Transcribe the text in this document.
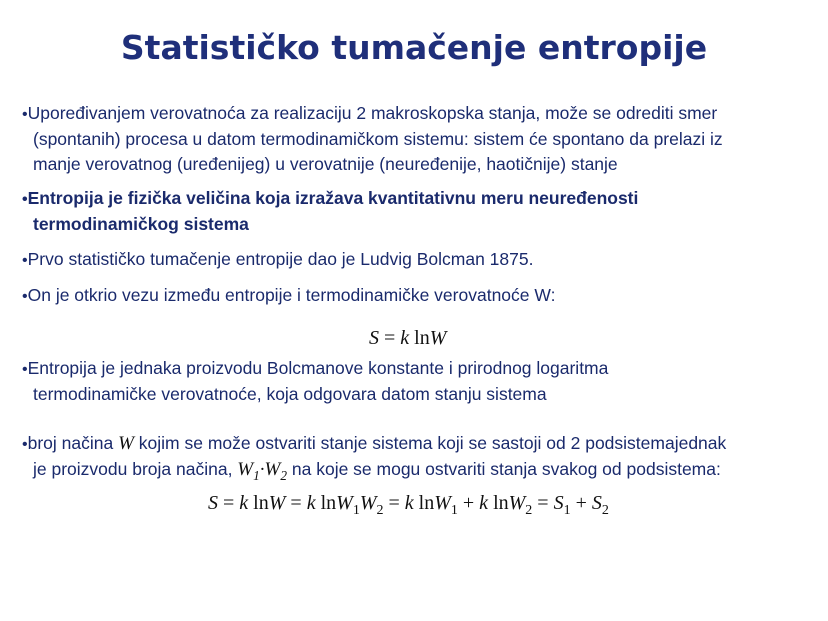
Statističko tumačenje entropije
•Upoređivanjem verovatnoća za realizaciju 2 makroskopska stanja, može se odrediti smer
(spontanih) procesa u datom termodinamičkom sistemu: sistem će spontano da prelazi iz
manje verovatnog (uređenijeg) u verovatnije (neuređenije, haotičnije) stanje
•Entropija je fizička veličina koja izražava kvantitativnu meru neuređenosti
termodinamičkog sistema
•Prvo statističko tumačenje entropije dao je Ludvig Bolcman 1875.
•On je otkrio vezu između entropije i termodinamičke verovatnoće W:
S = k lnW
•Entropija je jednaka proizvodu Bolcmanove konstante i prirodnog logaritma
termodinamičke verovatnoće, koja odgovara datom stanju sistema
•broj načina W kojim se može ostvariti stanje sistema koji se sastoji od 2 podsistemajednak
je proizvodu broja načina, $W_1\cdot W_2$ na koje se mogu ostvariti stanja svakog od podsistema:
S = k lnW = k $\ln W_1W_2 = k$ lnW$_1$ + k $\ln W_2 = S_1 + S_2$
